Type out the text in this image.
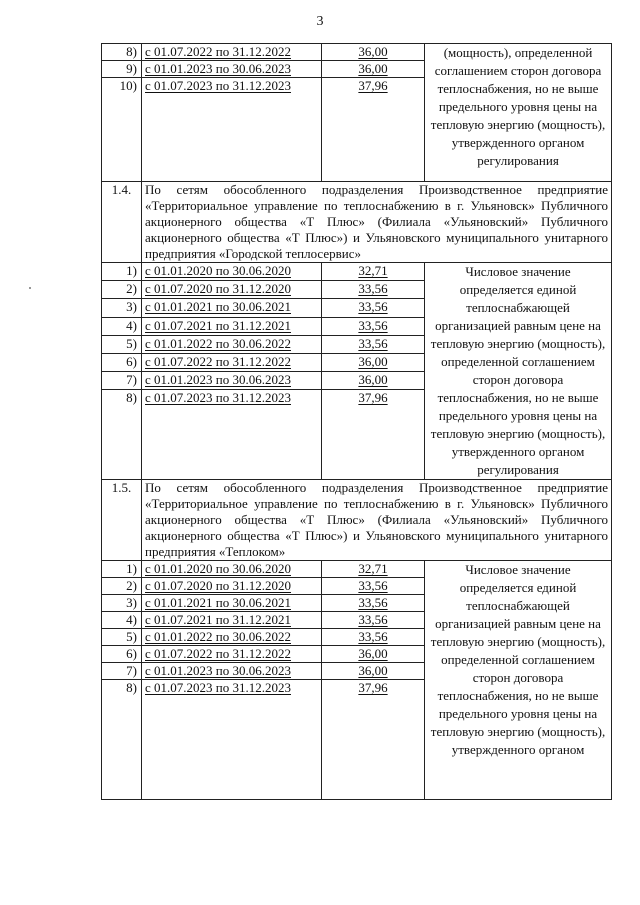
3
8)	с 01.07.2022 по 31.12.2022	36,00	(мощность), определенной соглашением сторон договора теплоснабжения, но не выше предельного уровня цены на тепловую энергию (мощность), утвержденного органом регулирования
9)	с 01.01.2023 по 30.06.2023	36,00	
10)	с 01.07.2023 по 31.12.2023	37,96	
1.4.	По сетям обособленного подразделения Производственное предприятие «Территориальное управление по теплоснабжению в г. Ульяновск» Публичного акционерного общества «Т Плюс» (Филиала «Ульяновский» Публичного акционерного общества «Т Плюс») и Ульяновского муниципального унитарного предприятия «Городской теплосервис»		
1)	с 01.01.2020 по 30.06.2020	32,71	Числовое значение определяется единой теплоснабжающей организацией равным цене на тепловую энергию (мощность), определенной соглашением сторон договора теплоснабжения, но не выше предельного уровня цены на тепловую энергию (мощность), утвержденного органом регулирования
2)	с 01.07.2020 по 31.12.2020	33,56	
3)	с 01.01.2021 по 30.06.2021	33,56	
4)	с 01.07.2021 по 31.12.2021	33,56	
5)	с 01.01.2022 по 30.06.2022	33,56	
6)	с 01.07.2022 по 31.12.2022	36,00	
7)	с 01.01.2023 по 30.06.2023	36,00	
8)	с 01.07.2023 по 31.12.2023	37,96	
1.5.	По сетям обособленного подразделения Производственное предприятие «Территориальное управление по теплоснабжению в г. Ульяновск» Публичного акционерного общества «Т Плюс» (Филиала «Ульяновский» Публичного акционерного общества «Т Плюс») и Ульяновского муниципального унитарного предприятия «Теплоком»		
1)	с 01.01.2020 по 30.06.2020	32,71	Числовое значение определяется единой теплоснабжающей организацией равным цене на тепловую энергию (мощность), определенной соглашением сторон договора теплоснабжения, но не выше предельного уровня цены на тепловую энергию (мощность), утвержденного органом
2)	с 01.07.2020 по 31.12.2020	33,56	
3)	с 01.01.2021 по 30.06.2021	33,56	
4)	с 01.07.2021 по 31.12.2021	33,56	
5)	с 01.01.2022 по 30.06.2022	33,56	
6)	с 01.07.2022 по 31.12.2022	36,00	
7)	с 01.01.2023 по 30.06.2023	36,00	
8)	с 01.07.2023 по 31.12.2023	37,96	
